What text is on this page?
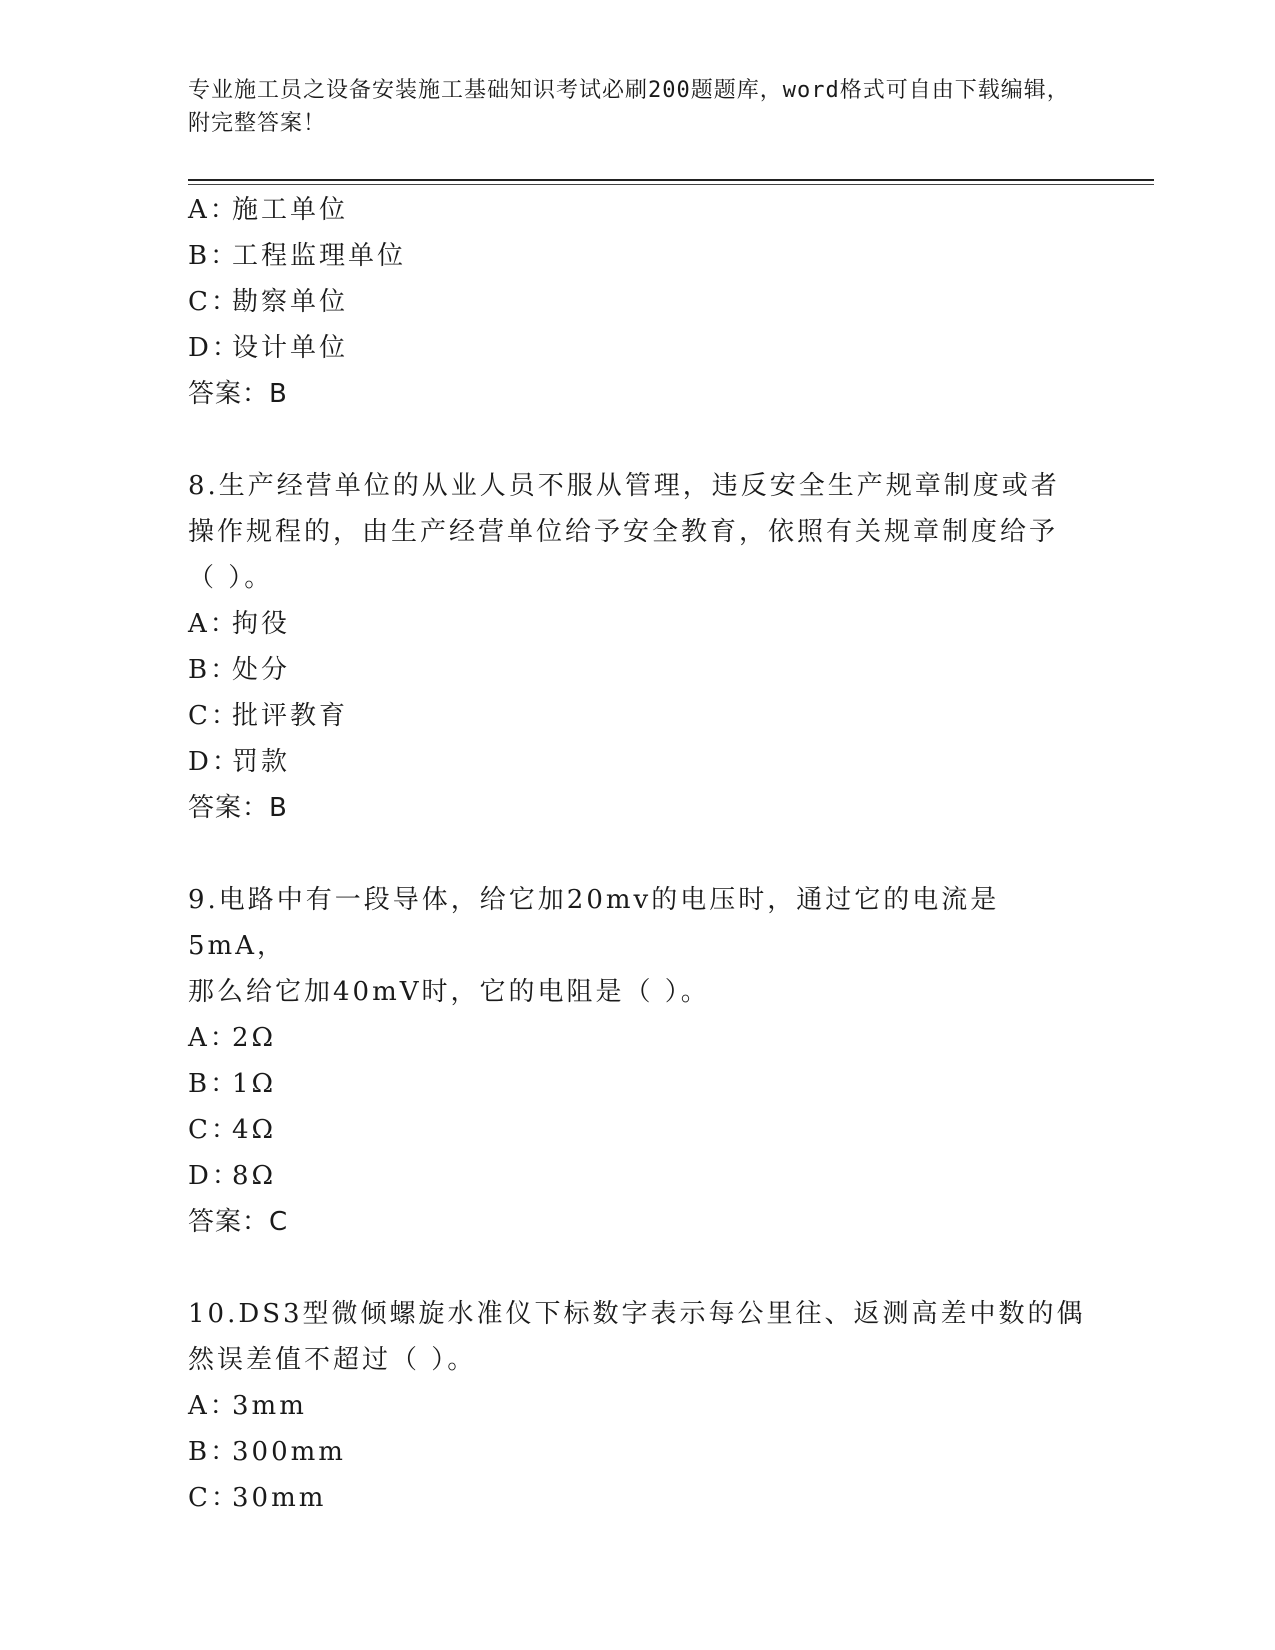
专业施工员之设备安装施工基础知识考试必刷200题题库，word格式可自由下载编辑，附完整答案！
A：
施工单位
B：
工程监理单位
C：
勘察单位
D：
设计单位
答案：B
8.生产经营单位的从业人员不服从管理，违反安全生产规章制度或者
操作规程的，由生产经营单位给予安全教育，依照有关规章制度给予
（ ）。
A：
拘役
B：
处分
C：
批评教育
D：
罚款
答案：B
9.电路中有一段导体，给它加20mv的电压时，通过它的电流是5mA，
那么给它加40mV时，它的电阻是（ ）。
A：
2Ω
B：
1Ω
C：
4Ω
D：
8Ω
答案：C
10.DS3型微倾螺旋水准仪下标数字表示每公里往、返测高差中数的偶
然误差值不超过（ ）。
A：
3mm
B：
300mm
C：
30mm
